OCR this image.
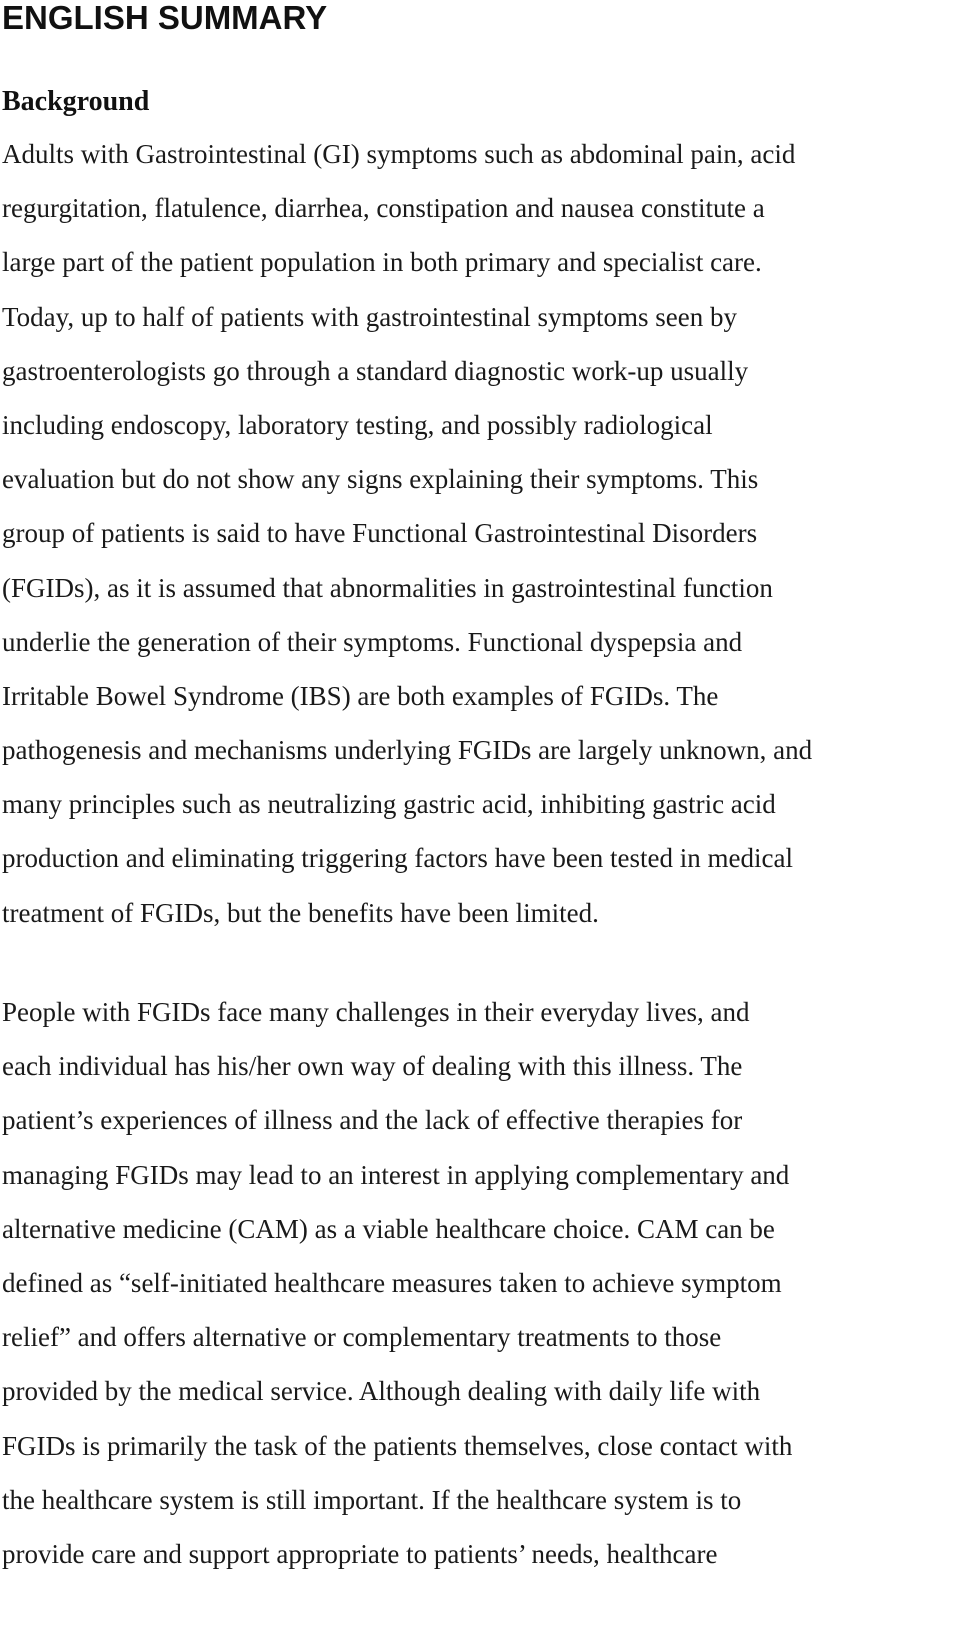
ENGLISH SUMMARY
Background

Adults with Gastrointestinal (GI) symptoms such as abdominal pain, acid
regurgitation, flatulence, diarrhea, constipation and nausea constitute a
large part of the patient population in both primary and specialist care.
Today, up to half of patients with gastrointestinal symptoms seen by
gastroenterologists go through a standard diagnostic work-up usually
including endoscopy, laboratory testing, and possibly radiological
evaluation but do not show any signs explaining their symptoms. This
group of patients is said to have Functional Gastrointestinal Disorders
(FGIDs), as it is assumed that abnormalities in gastrointestinal function
underlie the generation of their symptoms. Functional dyspepsia and
Irritable Bowel Syndrome (IBS) are both examples of FGIDs. The
pathogenesis and mechanisms underlying FGIDs are largely unknown, and
many principles such as neutralizing gastric acid, inhibiting gastric acid
production and eliminating triggering factors have been tested in medical
treatment of FGIDs, but the benefits have been limited.

People with FGIDs face many challenges in their everyday lives, and
each individual has his/her own way of dealing with this illness. The
patient’s experiences of illness and the lack of effective therapies for
managing FGIDs may lead to an interest in applying complementary and
alternative medicine (CAM) as a viable healthcare choice. CAM can be
defined as “self-initiated healthcare measures taken to achieve symptom
relief” and offers alternative or complementary treatments to those
provided by the medical service. Although dealing with daily life with
FGIDs is primarily the task of the patients themselves, close contact with
the healthcare system is still important. If the healthcare system is to
provide care and support appropriate to patients’ needs, healthcare
